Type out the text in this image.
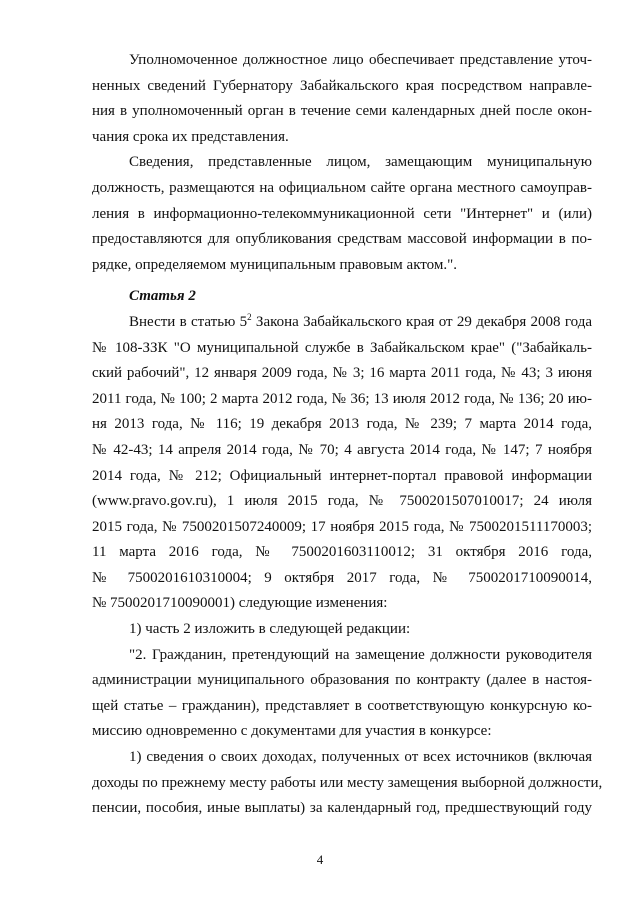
Уполномоченное должностное лицо обеспечивает представление уточ-
ненных сведений Губернатору Забайкальского края посредством направле-
ния в уполномоченный орган в течение семи календарных дней после окон-
чания срока их представления.
Сведения, представленные лицом, замещающим муниципальную
должность, размещаются на официальном сайте органа местного самоуправ-
ления в информационно-телекоммуникационной сети "Интернет" и (или)
предоставляются для опубликования средствам массовой информации в по-
рядке, определяемом муниципальным правовым актом.".
Статья 2
Внести в статью $5^2$ Закона Забайкальского края от 29 декабря 2008 года
№ 108-ЗЗК "О муниципальной службе в Забайкальском крае" ("Забайкаль-
ский рабочий", 12 января 2009 года, № 3; 16 марта 2011 года, № 43; 3 июня
2011 года, № 100; 2 марта 2012 года, № 36; 13 июля 2012 года, № 136; 20 ию-
ня 2013 года, № 116; 19 декабря 2013 года, № 239; 7 марта 2014 года,
№ 42-43; 14 апреля 2014 года, № 70; 4 августа 2014 года, № 147; 7 ноября
2014 года, № 212; Официальный интернет-портал правовой информации
(www.pravo.gov.ru), 1 июля 2015 года, № 7500201507010017; 24 июля
2015 года, № 7500201507240009; 17 ноября 2015 года, № 7500201511170003;
11 марта 2016 года, № 7500201603110012; 31 октября 2016 года,
№ 7500201610310004; 9 октября 2017 года, № 7500201710090014,
№ 7500201710090001) следующие изменения:
1) часть 2 изложить в следующей редакции:
"2. Гражданин, претендующий на замещение должности руководителя
администрации муниципального образования по контракту (далее в настоя-
щей статье – гражданин), представляет в соответствующую конкурсную ко-
миссию одновременно с документами для участия в конкурсе:
1) сведения о своих доходах, полученных от всех источников (включая
доходы по прежнему месту работы или месту замещения выборной должности,
пенсии, пособия, иные выплаты) за календарный год, предшествующий году
4
